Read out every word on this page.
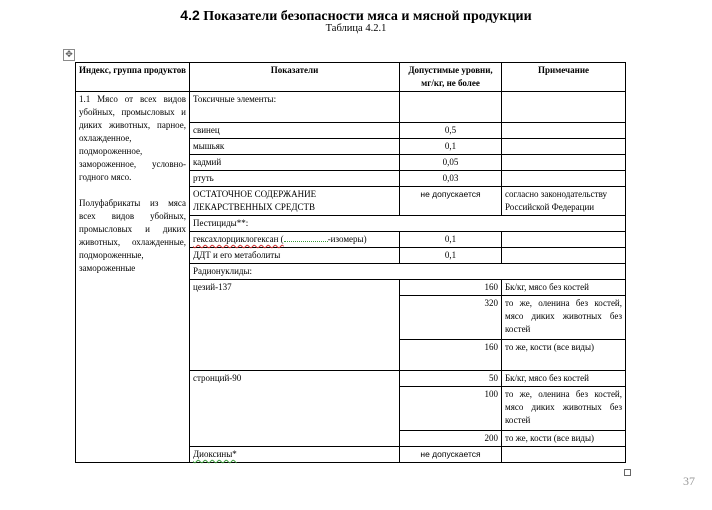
4.2 Показатели безопасности мяса и мясной продукции
Таблица 4.2.1
✥
Индекс, группа продуктов	Показатели	Допустимые уровни, мг/кг, не более	Примечание

1.1 Мясо от всех видов убойных, промысловых и диких животных, парное, охлажденное, подмороженное, замороженное, условно-годного мясо.
Полуфабрикаты из мяса всех видов убойных, промысловых и диких животных, охлажденные, подмороженные, замороженные	Токсичные элементы:		
	свинец	0,5	
	мышьяк	0,1	
	кадмий	0,05	
	ртуть	0,03	
	ОСТАТОЧНОЕ СОДЕРЖАНИЕ ЛЕКАРСТВЕННЫХ СРЕДСТВ	не допускается	согласно законодательству Российской Федерации
	Пестициды**:		
	гексахлорциклогексан ( -изомеры)	0,1	
	ДДТ и его метаболиты	0,1	
	Радионуклиды:		
	цезий-137	160	Бк/кг, мясо без костей
		320	то же, оленина без костей, мясо диких животных без костей
		160	то же, кости (все виды)
	стронций-90	50	Бк/кг, мясо без костей
		100	то же, оленина без костей, мясо диких животных без костей
		200	то же, кости (все виды)
	Диоксины*	не допускается	
37
